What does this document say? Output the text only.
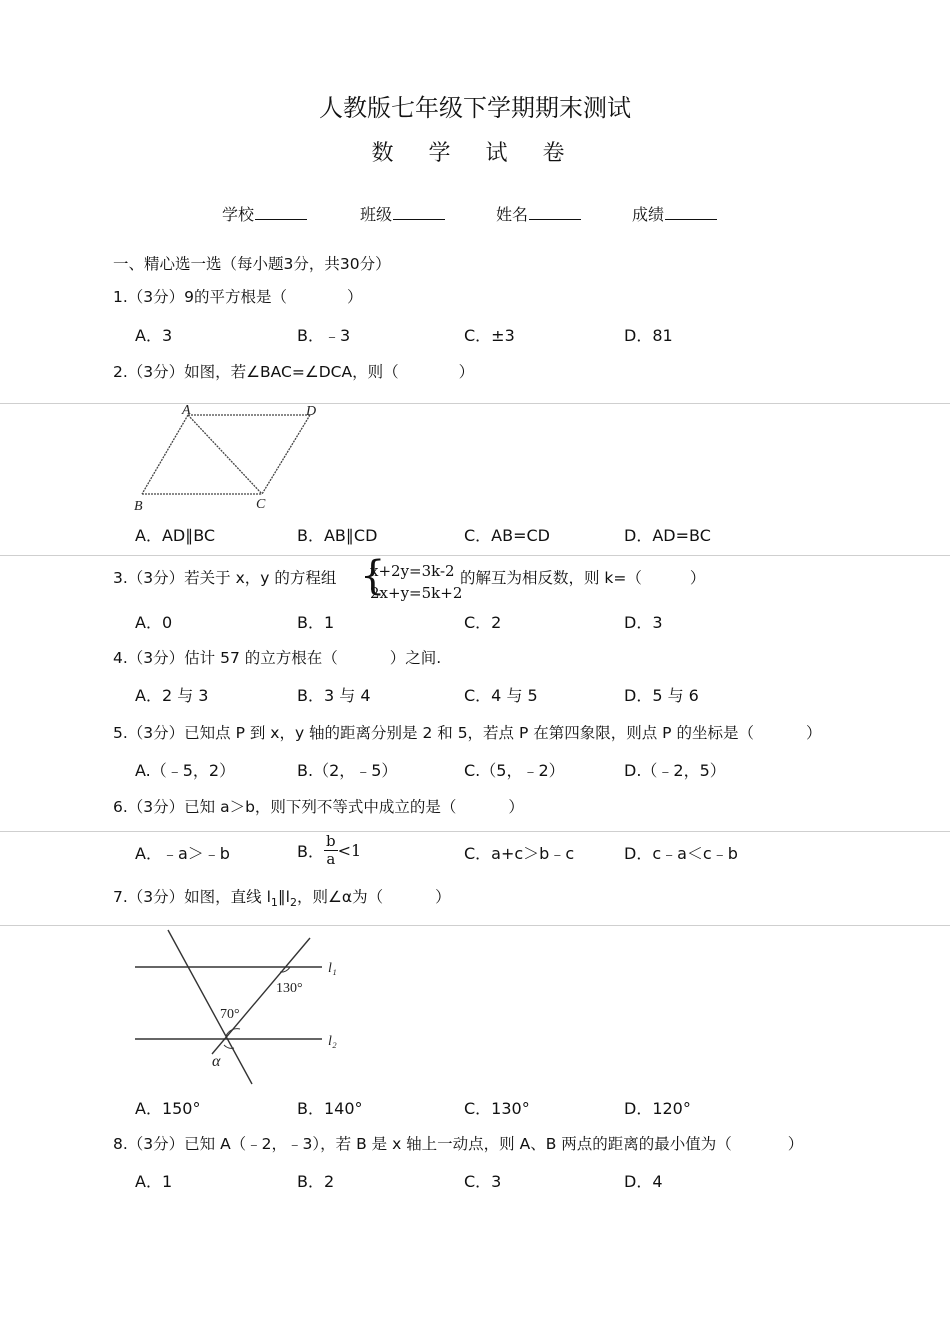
人教版七年级下学期期末测试
数 学 试 卷
学校	班级	姓名	成绩
一、精心选一选（每小题3分，共30分）
1.（3分）9的平方根是（	）
A．3	B．﹣3	C．±3	D．81
2.（3分）如图，若∠BAC=∠DCA，则（	）
A	D
B	C
A．AD∥BC	B．AB∥CD	C．AB=CD	D．AD=BC
3.（3分）若关于 x，y 的方程组 {
x+2y=3k-2
2x+y=5k+2
的解互为相反数，则 k=（	）
A．0	B．1	C．2	D．3
4.（3分）估计 57 的立方根在（	）之间.
A．2 与 3	B．3 与 4	C．4 与 5	D．5 与 6
5.（3分）已知点 P 到 x，y 轴的距离分别是 2 和 5，若点 P 在第四象限，则点 P 的坐标是（	）
A.（﹣5，2）	B.（2，﹣5）	C.（5，﹣2）	D.（﹣2，5）
6.（3分）已知 a＞b，则下列不等式中成立的是（	）
A．﹣a＞﹣b	B． $\frac{b}{a} <1$	C．a+c＞b﹣c	D．c﹣a＜c﹣b
7.（3分）如图，直线 $l_1\parallel l_2$，则∠α为（	）
l₁
l₂
130°
70°
α
A．150°	B．140°	C．130°	D．120°
8.（3分）已知 A（﹣2，﹣3），若 B 是 x 轴上一动点，则 A、B 两点的距离的最小值为（	）
A．1	B．2	C．3	D．4
